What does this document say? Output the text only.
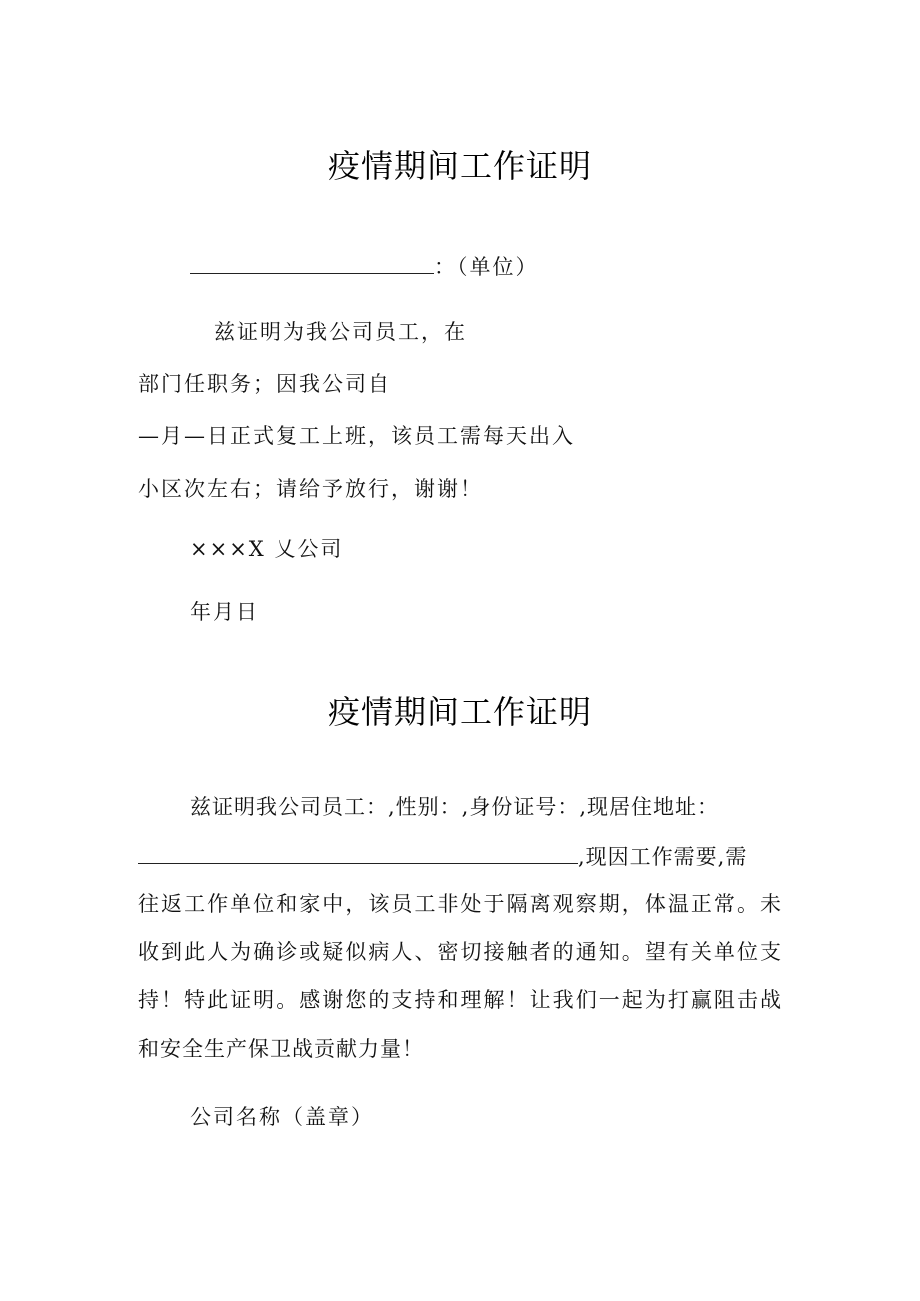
疫情期间工作证明
：（单位）
兹证明为我公司员工，在
部门任职务；因我公司自
—月—日正式复工上班，该员工需每天出入
小区次左右；请给予放行，谢谢！
×××X 乂公司
年月日
疫情期间工作证明
兹证明我公司员工：,性别：,身份证号：,现居住地址：
,现因工作需要,需
往返工作单位和家中，该员工非处于隔离观察期，体温正常。未
收到此人为确诊或疑似病人、密切接触者的通知。望有关单位支
持！特此证明。感谢您的支持和理解！让我们一起为打赢阻击战
和安全生产保卫战贡献力量！
公司名称（盖章）
